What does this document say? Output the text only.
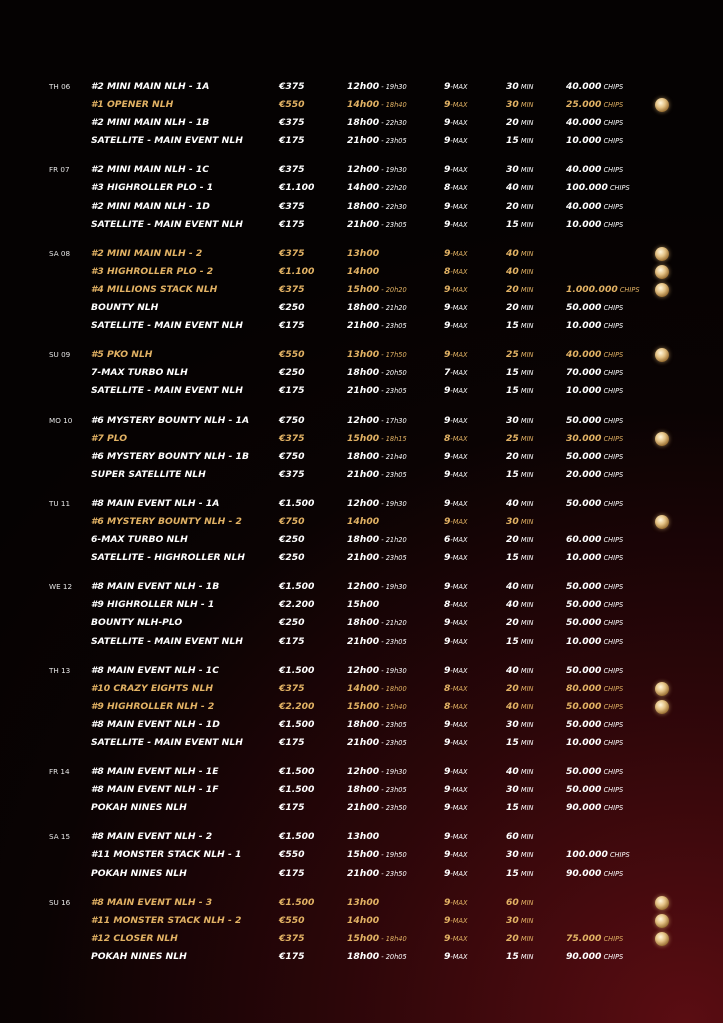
TH 06 #2 MINI MAIN NLH - 1A	€375	12h00 - 19h30	9-MAX	30 MIN	40.000 CHIPS
#1 OPENER NLH	€550	14h00 - 18h40	9-MAX	30 MIN	25.000 CHIPS
#2 MINI MAIN NLH - 1B	€375	18h00 - 22h30	9-MAX	20 MIN	40.000 CHIPS
SATELLITE - MAIN EVENT NLH	€175	21h00 - 23h05	9-MAX	15 MIN	10.000 CHIPS
FR 07 #2 MINI MAIN NLH - 1C	€375	12h00 - 19h30	9-MAX	30 MIN	40.000 CHIPS
#3 HIGHROLLER PLO - 1	€1.100	14h00 - 22h20	8-MAX	40 MIN	100.000 CHIPS
#2 MINI MAIN NLH - 1D	€375	18h00 - 22h30	9-MAX	20 MIN	40.000 CHIPS
SATELLITE - MAIN EVENT NLH	€175	21h00 - 23h05	9-MAX	15 MIN	10.000 CHIPS
SA 08 #2 MINI MAIN NLH - 2	€375	13h00	9-MAX	40 MIN
#3 HIGHROLLER PLO - 2	€1.100	14h00	8-MAX	40 MIN
#4 MILLIONS STACK NLH	€375	15h00 - 20h20	9-MAX	20 MIN	1.000.000 CHIPS
BOUNTY NLH	€250	18h00 - 21h20	9-MAX	20 MIN	50.000 CHIPS
SATELLITE - MAIN EVENT NLH	€175	21h00 - 23h05	9-MAX	15 MIN	10.000 CHIPS
SU 09 #5 PKO NLH	€550	13h00 - 17h50	9-MAX	25 MIN	40.000 CHIPS
7-MAX TURBO NLH	€250	18h00 - 20h50	7-MAX	15 MIN	70.000 CHIPS
SATELLITE - MAIN EVENT NLH	€175	21h00 - 23h05	9-MAX	15 MIN	10.000 CHIPS
MO 10 #6 MYSTERY BOUNTY NLH - 1A	€750	12h00 - 17h30	9-MAX	30 MIN	50.000 CHIPS
#7 PLO	€375	15h00 - 18h15	8-MAX	25 MIN	30.000 CHIPS
#6 MYSTERY BOUNTY NLH - 1B	€750	18h00 - 21h40	9-MAX	20 MIN	50.000 CHIPS
SUPER SATELLITE NLH	€375	21h00 - 23h05	9-MAX	15 MIN	20.000 CHIPS
TU 11 #8 MAIN EVENT NLH - 1A	€1.500	12h00 - 19h30	9-MAX	40 MIN	50.000 CHIPS
#6 MYSTERY BOUNTY NLH - 2	€750	14h00	9-MAX	30 MIN
6-MAX TURBO NLH	€250	18h00 - 21h20	6-MAX	20 MIN	60.000 CHIPS
SATELLITE - HIGHROLLER NLH	€250	21h00 - 23h05	9-MAX	15 MIN	10.000 CHIPS
WE 12 #8 MAIN EVENT NLH - 1B	€1.500	12h00 - 19h30	9-MAX	40 MIN	50.000 CHIPS
#9 HIGHROLLER NLH - 1	€2.200	15h00	8-MAX	40 MIN	50.000 CHIPS
BOUNTY NLH-PLO	€250	18h00 - 21h20	9-MAX	20 MIN	50.000 CHIPS
SATELLITE - MAIN EVENT NLH	€175	21h00 - 23h05	9-MAX	15 MIN	10.000 CHIPS
TH 13 #8 MAIN EVENT NLH - 1C	€1.500	12h00 - 19h30	9-MAX	40 MIN	50.000 CHIPS
#10 CRAZY EIGHTS NLH	€375	14h00 - 18h00	8-MAX	20 MIN	80.000 CHIPS
#9 HIGHROLLER NLH - 2	€2.200	15h00 - 15h40	8-MAX	40 MIN	50.000 CHIPS
#8 MAIN EVENT NLH - 1D	€1.500	18h00 - 23h05	9-MAX	30 MIN	50.000 CHIPS
SATELLITE - MAIN EVENT NLH	€175	21h00 - 23h05	9-MAX	15 MIN	10.000 CHIPS
FR 14 #8 MAIN EVENT NLH - 1E	€1.500	12h00 - 19h30	9-MAX	40 MIN	50.000 CHIPS
#8 MAIN EVENT NLH - 1F	€1.500	18h00 - 23h05	9-MAX	30 MIN	50.000 CHIPS
POKAH NINES NLH	€175	21h00 - 23h50	9-MAX	15 MIN	90.000 CHIPS
SA 15 #8 MAIN EVENT NLH - 2	€1.500	13h00	9-MAX	60 MIN
#11 MONSTER STACK NLH - 1	€550	15h00 - 19h50	9-MAX	30 MIN	100.000 CHIPS
POKAH NINES NLH	€175	21h00 - 23h50	9-MAX	15 MIN	90.000 CHIPS
SU 16 #8 MAIN EVENT NLH - 3	€1.500	13h00	9-MAX	60 MIN
#11 MONSTER STACK NLH - 2	€550	14h00	9-MAX	30 MIN
#12 CLOSER NLH	€375	15h00 - 18h40	9-MAX	20 MIN	75.000 CHIPS
POKAH NINES NLH	€175	18h00 - 20h05	9-MAX	15 MIN	90.000 CHIPS
